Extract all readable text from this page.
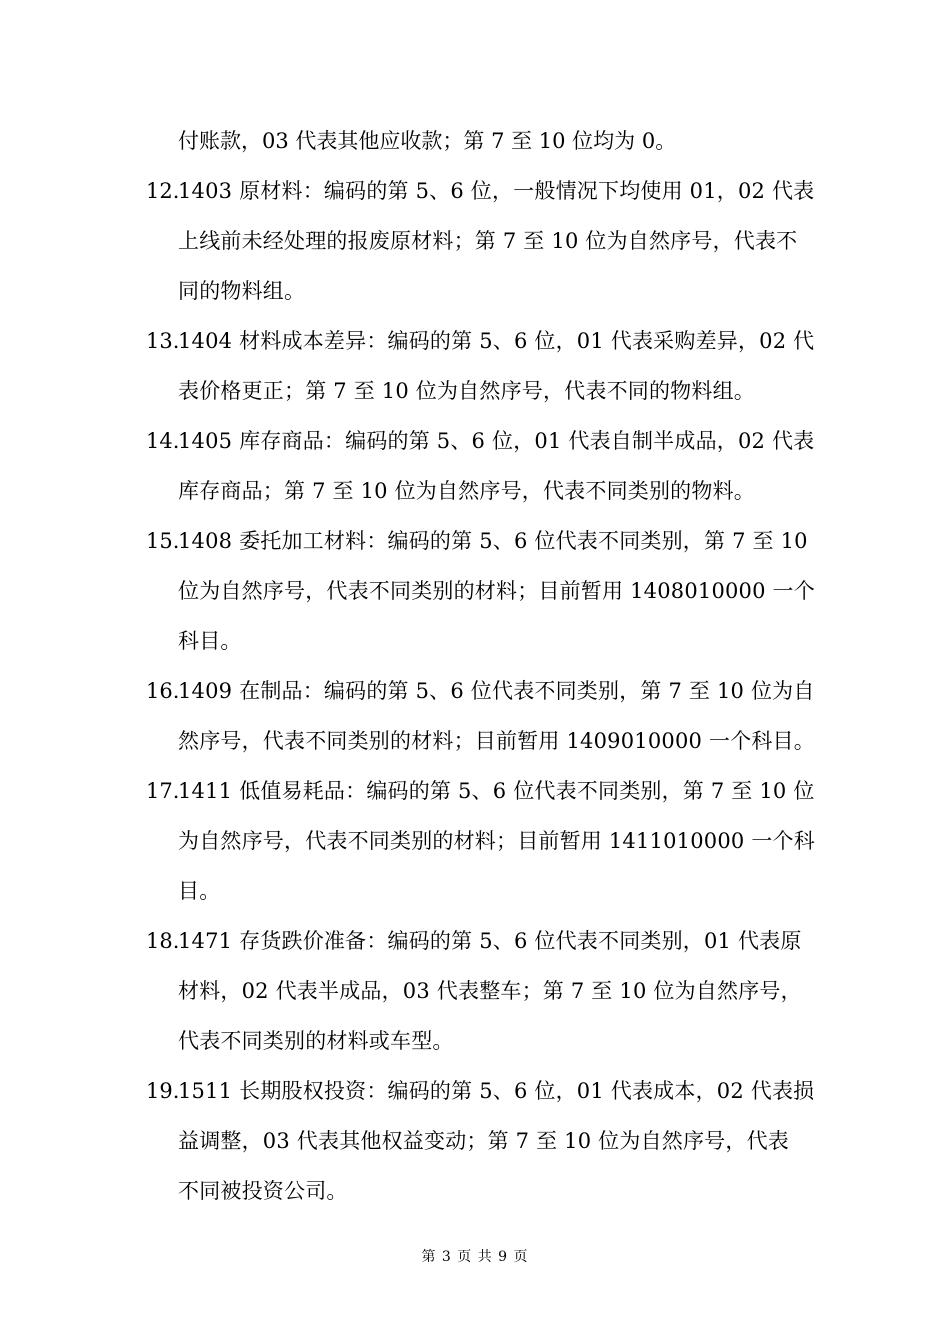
付账款，03 代表其他应收款；第 7 至 10 位均为 0。

12.
1403 原材料：编码的第 5、6 位，一般情况下均使用 01，02 代表
上线前未经处理的报废原材料；第 7 至 10 位为自然序号，代表不
同的物料组。
13.
1404 材料成本差异：编码的第 5、6 位，01 代表采购差异，02 代
表价格更正；第 7 至 10 位为自然序号，代表不同的物料组。
14.
1405 库存商品：编码的第 5、6 位，01 代表自制半成品，02 代表
库存商品；第 7 至 10 位为自然序号，代表不同类别的物料。
15.
1408 委托加工材料：编码的第 5、6 位代表不同类别，第 7 至 10
位为自然序号，代表不同类别的材料；目前暂用 1408010000 一个
科目。
16.
1409 在制品：编码的第 5、6 位代表不同类别，第 7 至 10 位为自
然序号，代表不同类别的材料；目前暂用 1409010000 一个科目。
17.
1411 低值易耗品：编码的第 5、6 位代表不同类别，第 7 至 10 位
为自然序号，代表不同类别的材料；目前暂用 1411010000 一个科
目。
18.
1471 存货跌价准备：编码的第 5、6 位代表不同类别，01 代表原
材料，02 代表半成品，03 代表整车；第 7 至 10 位为自然序号，
代表不同类别的材料或车型。
19.
1511 长期股权投资：编码的第 5、6 位，01 代表成本，02 代表损
益调整，03 代表其他权益变动；第 7 至 10 位为自然序号，代表
不同被投资公司。
第 3 页 共 9 页
